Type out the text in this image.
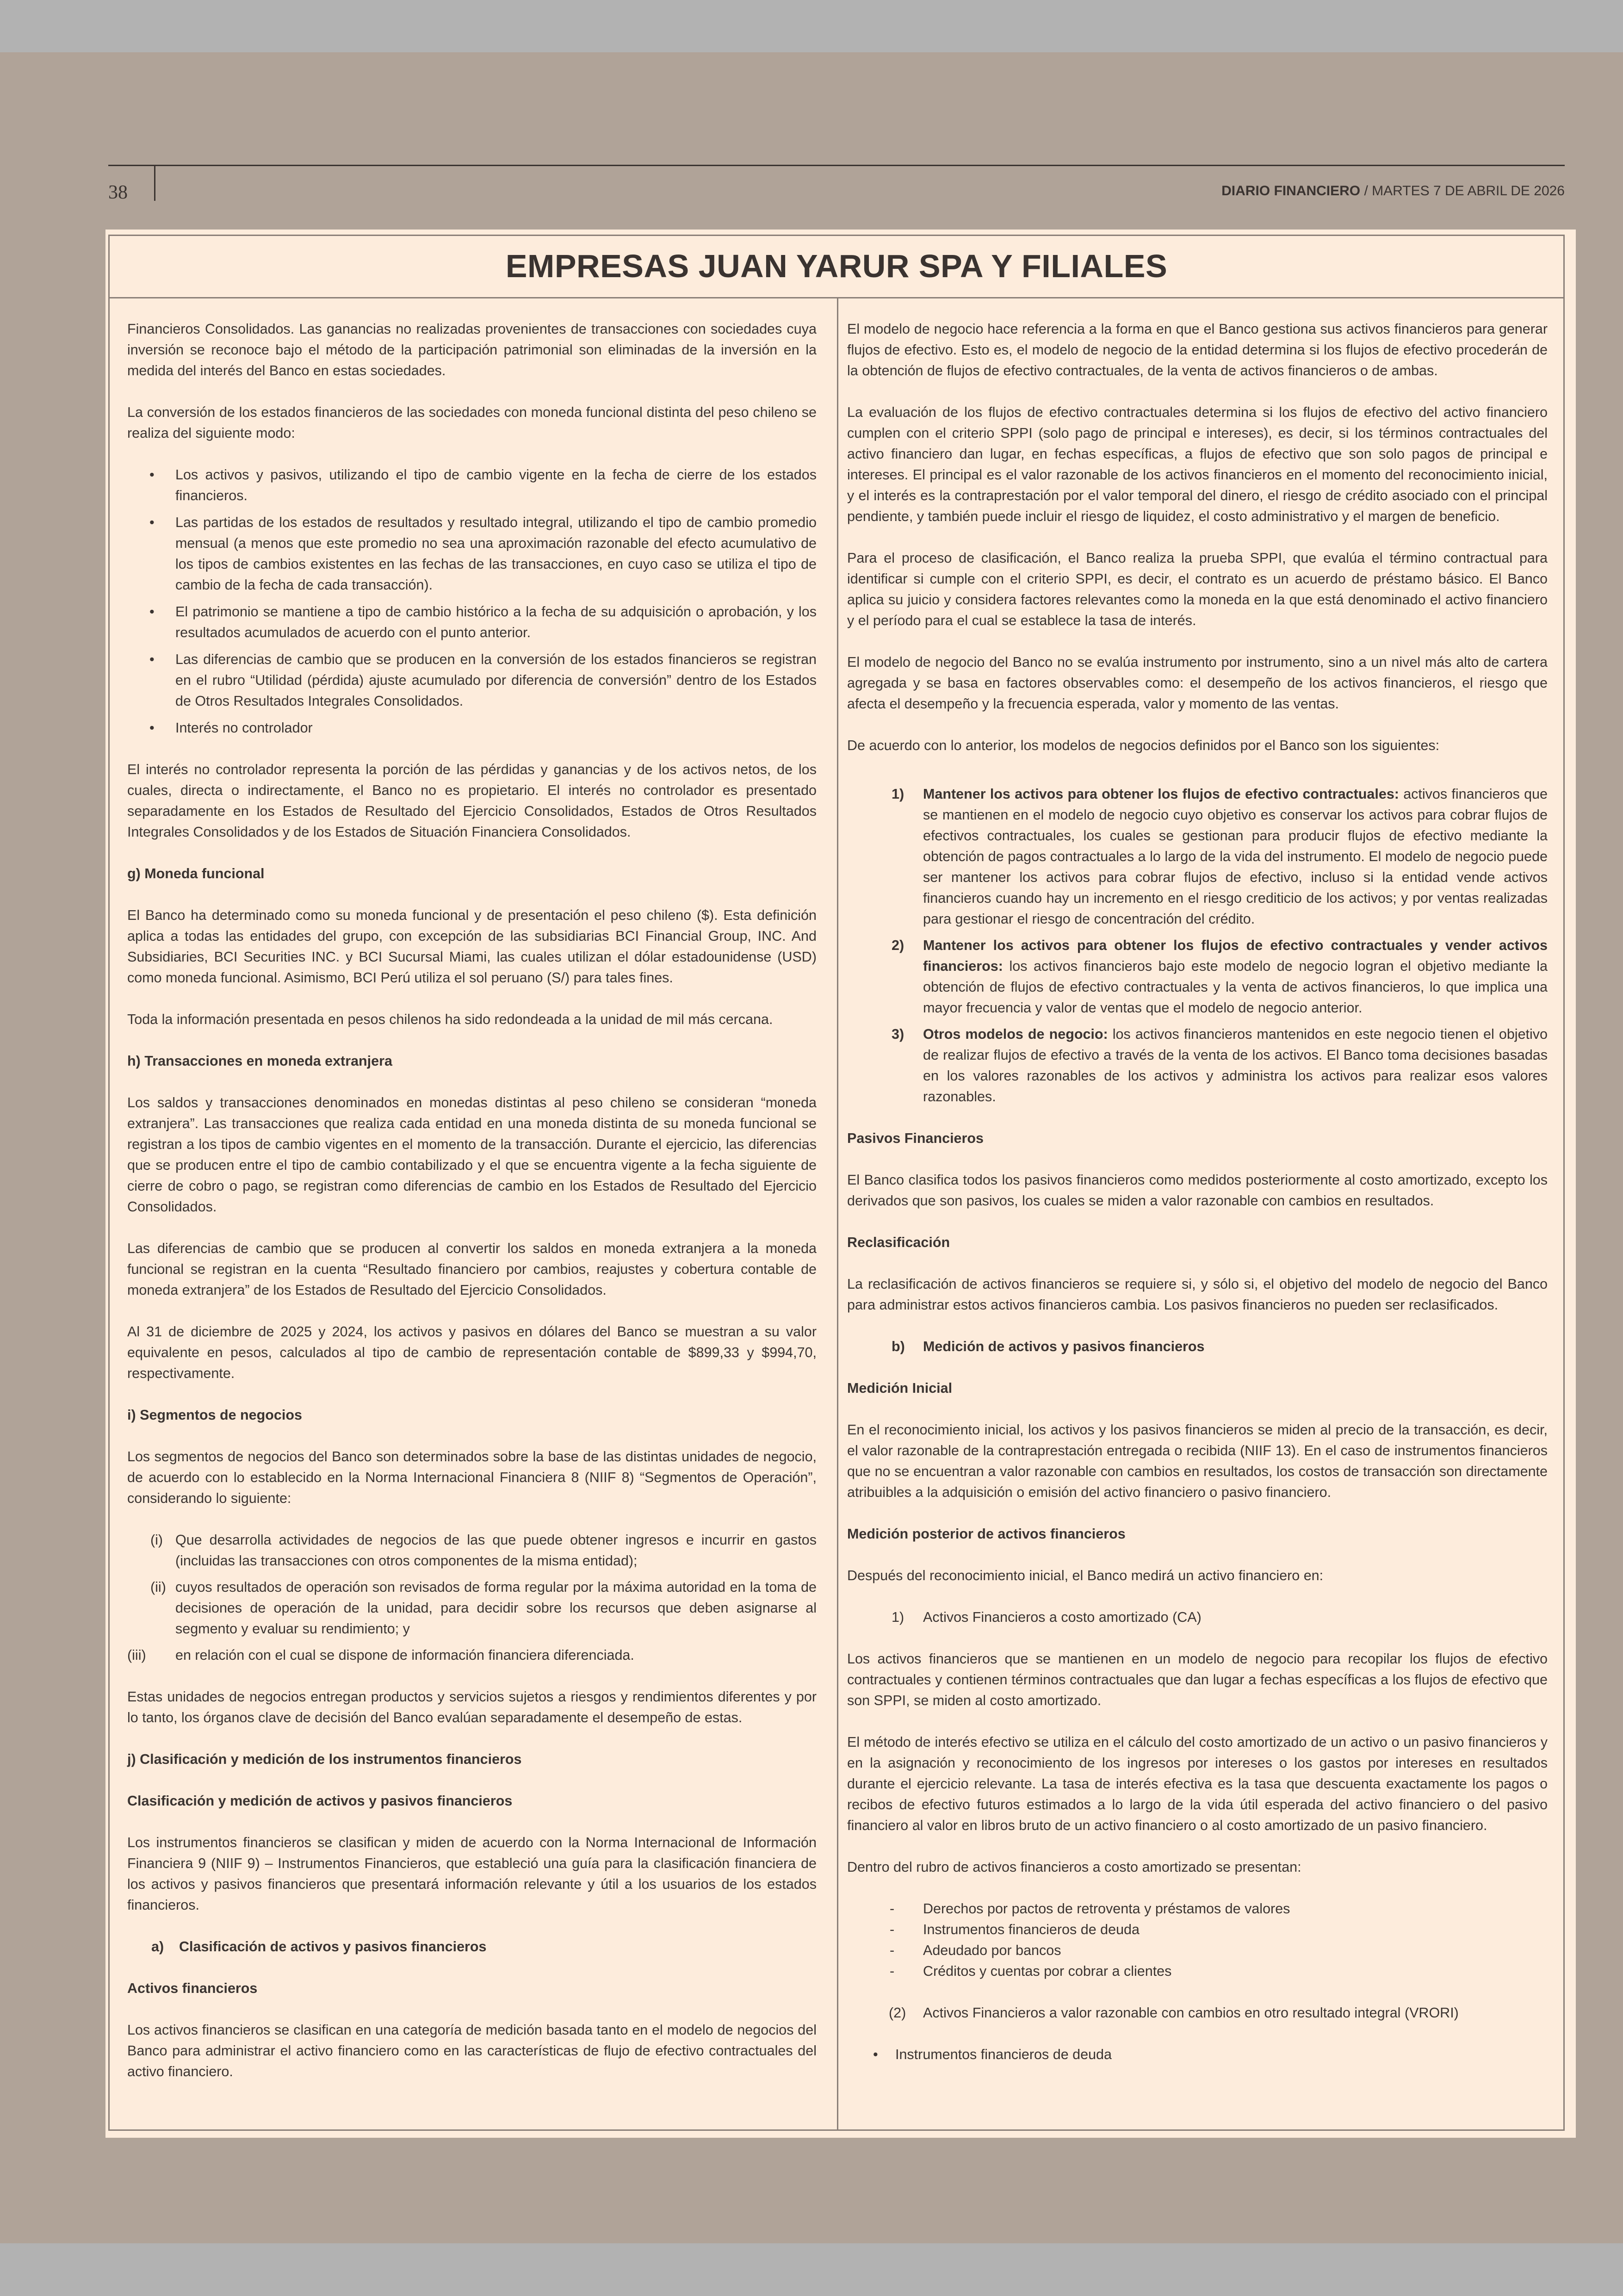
38	DIARIO FINANCIERO / MARTES 7 DE ABRIL DE 2026
EMPRESAS JUAN YARUR SPA Y FILIALES

Financieros Consolidados. Las ganancias no realizadas provenientes de transacciones con sociedades cuya inversión se reconoce bajo el método de la participación patrimonial son eliminadas de la inversión en la medida del interés del Banco en estas sociedades.

La conversión de los estados financieros de las sociedades con moneda funcional distinta del peso chileno se realiza del siguiente modo:

• Los activos y pasivos, utilizando el tipo de cambio vigente en la fecha de cierre de los estados financieros.
• Las partidas de los estados de resultados y resultado integral, utilizando el tipo de cambio promedio mensual (a menos que este promedio no sea una aproximación razonable del efecto acumulativo de los tipos de cambios existentes en las fechas de las transacciones, en cuyo caso se utiliza el tipo de cambio de la fecha de cada transacción).
• El patrimonio se mantiene a tipo de cambio histórico a la fecha de su adquisición o aprobación, y los resultados acumulados de acuerdo con el punto anterior.
• Las diferencias de cambio que se producen en la conversión de los estados financieros se registran en el rubro “Utilidad (pérdida) ajuste acumulado por diferencia de conversión” dentro de los Estados de Otros Resultados Integrales Consolidados.
• Interés no controlador

El interés no controlador representa la porción de las pérdidas y ganancias y de los activos netos, de los cuales, directa o indirectamente, el Banco no es propietario. El interés no controlador es presentado separadamente en los Estados de Resultado del Ejercicio Consolidados, Estados de Otros Resultados Integrales Consolidados y de los Estados de Situación Financiera Consolidados.

g) Moneda funcional

El Banco ha determinado como su moneda funcional y de presentación el peso chileno ($). Esta definición aplica a todas las entidades del grupo, con excepción de las subsidiarias BCI Financial Group, INC. And Subsidiaries, BCI Securities INC. y BCI Sucursal Miami, las cuales utilizan el dólar estadounidense (USD) como moneda funcional. Asimismo, BCI Perú utiliza el sol peruano (S/) para tales fines.

Toda la información presentada en pesos chilenos ha sido redondeada a la unidad de mil más cercana.

h) Transacciones en moneda extranjera

Los saldos y transacciones denominados en monedas distintas al peso chileno se consideran “moneda extranjera”. Las transacciones que realiza cada entidad en una moneda distinta de su moneda funcional se registran a los tipos de cambio vigentes en el momento de la transacción. Durante el ejercicio, las diferencias que se producen entre el tipo de cambio contabilizado y el que se encuentra vigente a la fecha siguiente de cierre de cobro o pago, se registran como diferencias de cambio en los Estados de Resultado del Ejercicio Consolidados.

Las diferencias de cambio que se producen al convertir los saldos en moneda extranjera a la moneda funcional se registran en la cuenta “Resultado financiero por cambios, reajustes y cobertura contable de moneda extranjera” de los Estados de Resultado del Ejercicio Consolidados.

Al 31 de diciembre de 2025 y 2024, los activos y pasivos en dólares del Banco se muestran a su valor equivalente en pesos, calculados al tipo de cambio de representación contable de $899,33 y $994,70, respectivamente.

i) Segmentos de negocios

Los segmentos de negocios del Banco son determinados sobre la base de las distintas unidades de negocio, de acuerdo con lo establecido en la Norma Internacional Financiera 8 (NIIF 8) “Segmentos de Operación”, considerando lo siguiente:

(i) Que desarrolla actividades de negocios de las que puede obtener ingresos e incurrir en gastos (incluidas las transacciones con otros componentes de la misma entidad);
(ii) cuyos resultados de operación son revisados de forma regular por la máxima autoridad en la toma de decisiones de operación de la unidad, para decidir sobre los recursos que deben asignarse al segmento y evaluar su rendimiento; y
(iii) en relación con el cual se dispone de información financiera diferenciada.

Estas unidades de negocios entregan productos y servicios sujetos a riesgos y rendimientos diferentes y por lo tanto, los órganos clave de decisión del Banco evalúan separadamente el desempeño de estas.

j) Clasificación y medición de los instrumentos financieros
Clasificación y medición de activos y pasivos financieros

Los instrumentos financieros se clasifican y miden de acuerdo con la Norma Internacional de Información Financiera 9 (NIIF 9) – Instrumentos Financieros, que estableció una guía para la clasificación financiera de los activos y pasivos financieros que presentará información relevante y útil a los usuarios de los estados financieros.

a) Clasificación de activos y pasivos financieros
Activos financieros

Los activos financieros se clasifican en una categoría de medición basada tanto en el modelo de negocios del Banco para administrar el activo financiero como en las características de flujo de efectivo contractuales del activo financiero.

El modelo de negocio hace referencia a la forma en que el Banco gestiona sus activos financieros para generar flujos de efectivo. Esto es, el modelo de negocio de la entidad determina si los flujos de efectivo procederán de la obtención de flujos de efectivo contractuales, de la venta de activos financieros o de ambas.

La evaluación de los flujos de efectivo contractuales determina si los flujos de efectivo del activo financiero cumplen con el criterio SPPI (solo pago de principal e intereses), es decir, si los términos contractuales del activo financiero dan lugar, en fechas específicas, a flujos de efectivo que son solo pagos de principal e intereses. El principal es el valor razonable de los activos financieros en el momento del reconocimiento inicial, y el interés es la contraprestación por el valor temporal del dinero, el riesgo de crédito asociado con el principal pendiente, y también puede incluir el riesgo de liquidez, el costo administrativo y el margen de beneficio.

Para el proceso de clasificación, el Banco realiza la prueba SPPI, que evalúa el término contractual para identificar si cumple con el criterio SPPI, es decir, el contrato es un acuerdo de préstamo básico. El Banco aplica su juicio y considera factores relevantes como la moneda en la que está denominado el activo financiero y el período para el cual se establece la tasa de interés.

El modelo de negocio del Banco no se evalúa instrumento por instrumento, sino a un nivel más alto de cartera agregada y se basa en factores observables como: el desempeño de los activos financieros, el riesgo que afecta el desempeño y la frecuencia esperada, valor y momento de las ventas.

De acuerdo con lo anterior, los modelos de negocios definidos por el Banco son los siguientes:

1) Mantener los activos para obtener los flujos de efectivo contractuales: activos financieros que se mantienen en el modelo de negocio cuyo objetivo es conservar los activos para cobrar flujos de efectivos contractuales, los cuales se gestionan para producir flujos de efectivo mediante la obtención de pagos contractuales a lo largo de la vida del instrumento. El modelo de negocio puede ser mantener los activos para cobrar flujos de efectivo, incluso si la entidad vende activos financieros cuando hay un incremento en el riesgo crediticio de los activos; y por ventas realizadas para gestionar el riesgo de concentración del crédito.
2) Mantener los activos para obtener los flujos de efectivo contractuales y vender activos financieros: los activos financieros bajo este modelo de negocio logran el objetivo mediante la obtención de flujos de efectivo contractuales y la venta de activos financieros, lo que implica una mayor frecuencia y valor de ventas que el modelo de negocio anterior.
3) Otros modelos de negocio: los activos financieros mantenidos en este negocio tienen el objetivo de realizar flujos de efectivo a través de la venta de los activos. El Banco toma decisiones basadas en los valores razonables de los activos y administra los activos para realizar esos valores razonables.
Pasivos Financieros

El Banco clasifica todos los pasivos financieros como medidos posteriormente al costo amortizado, excepto los derivados que son pasivos, los cuales se miden a valor razonable con cambios en resultados.

Reclasificación

La reclasificación de activos financieros se requiere si, y sólo si, el objetivo del modelo de negocio del Banco para administrar estos activos financieros cambia. Los pasivos financieros no pueden ser reclasificados.

b) Medición de activos y pasivos financieros
Medición Inicial

En el reconocimiento inicial, los activos y los pasivos financieros se miden al precio de la transacción, es decir, el valor razonable de la contraprestación entregada o recibida (NIIF 13). En el caso de instrumentos financieros que no se encuentran a valor razonable con cambios en resultados, los costos de transacción son directamente atribuibles a la adquisición o emisión del activo financiero o pasivo financiero.

Medición posterior de activos financieros

Después del reconocimiento inicial, el Banco medirá un activo financiero en:

1) Activos Financieros a costo amortizado (CA)

Los activos financieros que se mantienen en un modelo de negocio para recopilar los flujos de efectivo contractuales y contienen términos contractuales que dan lugar a fechas específicas a los flujos de efectivo que son SPPI, se miden al costo amortizado.

El método de interés efectivo se utiliza en el cálculo del costo amortizado de un activo o un pasivo financieros y en la asignación y reconocimiento de los ingresos por intereses o los gastos por intereses en resultados durante el ejercicio relevante. La tasa de interés efectiva es la tasa que descuenta exactamente los pagos o recibos de efectivo futuros estimados a lo largo de la vida útil esperada del activo financiero o del pasivo financiero al valor en libros bruto de un activo financiero o al costo amortizado de un pasivo financiero.

Dentro del rubro de activos financieros a costo amortizado se presentan:

- Derechos por pactos de retroventa y préstamos de valores
- Instrumentos financieros de deuda
- Adeudado por bancos
- Créditos y cuentas por cobrar a clientes
(2) Activos Financieros a valor razonable con cambios en otro resultado integral (VRORI)
• Instrumentos financieros de deuda
